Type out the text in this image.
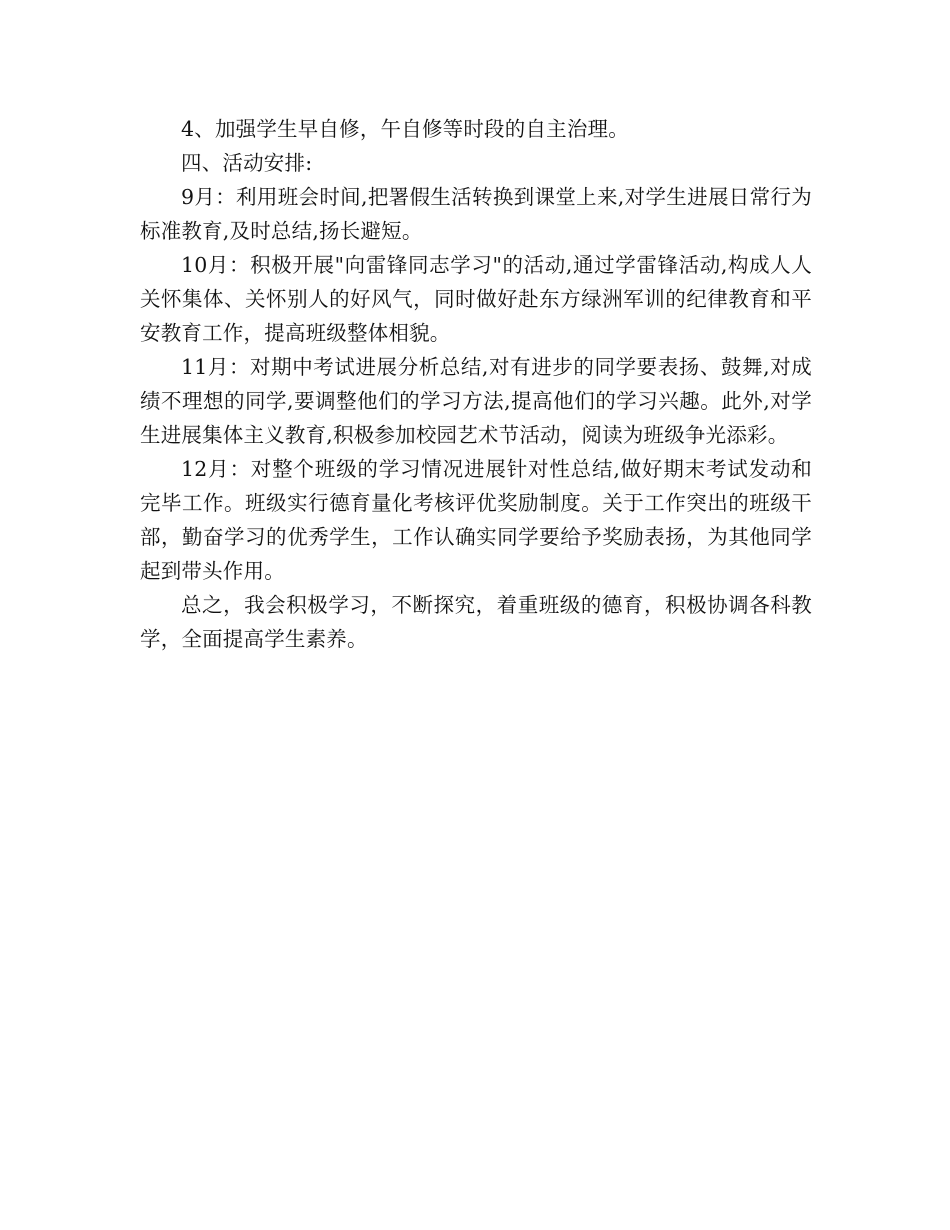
4、加强学生早自修，午自修等时段的自主治理。

四、活动安排:

9月：利用班会时间,把署假生活转换到课堂上来,对学生进展日常行为标准教育,及时总结,扬长避短。

10月：积极开展"向雷锋同志学习"的活动,通过学雷锋活动,构成人人关怀集体、关怀别人的好风气，同时做好赴东方绿洲军训的纪律教育和平安教育工作，提高班级整体相貌。

11月：对期中考试进展分析总结,对有进步的同学要表扬、鼓舞,对成绩不理想的同学,要调整他们的学习方法,提高他们的学习兴趣。此外,对学生进展集体主义教育,积极参加校园艺术节活动，阅读为班级争光添彩。

12月：对整个班级的学习情况进展针对性总结,做好期末考试发动和完毕工作。班级实行德育量化考核评优奖励制度。关于工作突出的班级干部，勤奋学习的优秀学生，工作认确实同学要给予奖励表扬，为其他同学起到带头作用。

总之，我会积极学习，不断探究，着重班级的德育，积极协调各科教学，全面提高学生素养。
